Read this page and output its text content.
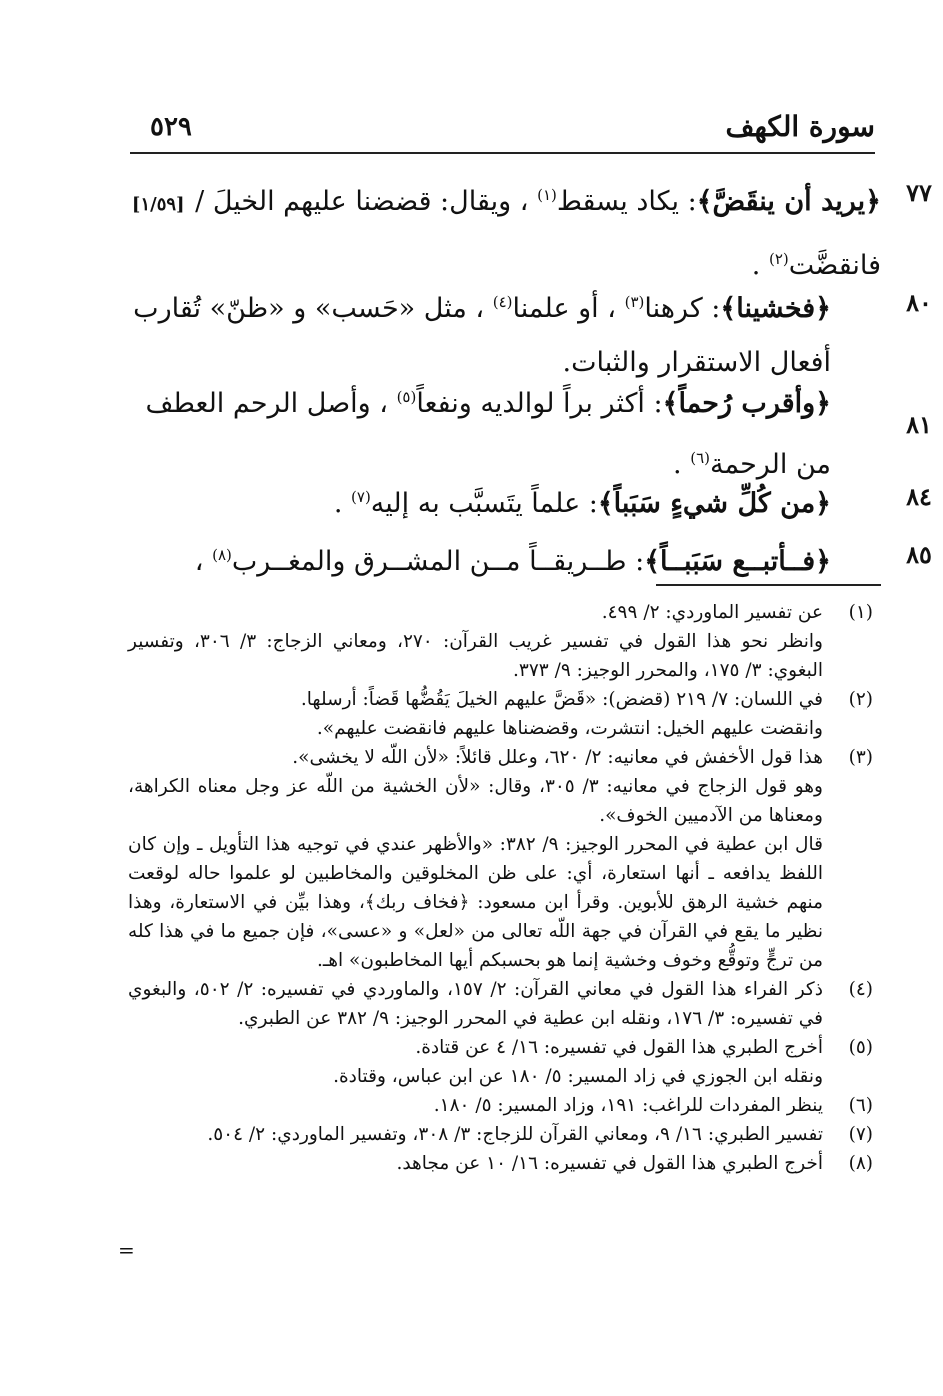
سورة الكهف
٥٢٩
٧٧
﴿يريد أن ينقَضَّ﴾: يكاد يسقط$^{(١)}$ ، ويقال: قضضنا عليهم الخيلَ / [١/٥٩]
فانقضَّت$^{(٢)}$ .
٨٠
﴿فخشينا﴾: كرهنا$^{(٣)}$ ، أو علمنا$^{(٤)}$ ، مثل «حَسب» و «ظنّ» تُقارب
أفعال الاستقرار والثبات.
٨١
﴿وأقرب رُحماً﴾: أكثر براً لوالديه ونفعاً$^{(٥)}$ ، وأصل الرحم العطف
من الرحمة$^{(٦)}$ .
٨٤
﴿من كُلِّ شيءٍ سَبَباً﴾: علماً يتَسبَّب به إليه$^{(٧)}$ .
٨٥
﴿فــأتبــع سَبَبــاً﴾: طــريقــاً مــن المشــرق والمغــرب$^{(٨)}$ ،
(١)

عن تفسير الماوردي: ٢/ ٤٩٩.

وانظر نحو هذا القول في تفسير غريب القرآن: ٢٧٠، ومعاني الزجاج: ٣/ ٣٠٦، وتفسير البغوي: ٣/ ١٧٥، والمحرر الوجيز: ٩/ ٣٧٣.

(٢)

في اللسان: ٧/ ٢١٩ (قضض): «قَضَّ عليهم الخيلَ يَقُضُّها قَضاً: أرسلها.

وانقضت عليهم الخيل: انتشرت، وقضضناها عليهم فانقضت عليهم».

(٣)

هذا قول الأخفش في معانيه: ٢/ ٦٢٠، وعلل قائلاً: «لأن اللّه لا يخشى».

وهو قول الزجاج في معانيه: ٣/ ٣٠٥، وقال: «لأن الخشية من اللّه عز وجل معناه الكراهة، ومعناها من الآدميين الخوف».

قال ابن عطية في المحرر الوجيز: ٩/ ٣٨٢: «والأظهر عندي في توجيه هذا التأويل ـ وإن كان اللفظ يدافعه ـ أنها استعارة، أي: على ظن المخلوقين والمخاطبين لو علموا حاله لوقعت منهم خشية الرهق للأبوين. وقرأ ابن مسعود: ﴿فخاف ربك﴾، وهذا بيِّن في الاستعارة، وهذا نظير ما يقع في القرآن في جهة اللّه تعالى من «لعل» و «عسى»، فإن جميع ما في هذا كله من ترجٍّ وتوقُّع وخوف وخشية إنما هو بحسبكم أيها المخاطبون» اهـ.

(٤)

ذكر الفراء هذا القول في معاني القرآن: ٢/ ١٥٧، والماوردي في تفسيره: ٢/ ٥٠٢، والبغوي في تفسيره: ٣/ ١٧٦، ونقله ابن عطية في المحرر الوجيز: ٩/ ٣٨٢ عن الطبري.

(٥)

أخرج الطبري هذا القول في تفسيره: ١٦/ ٤ عن قتادة.

ونقله ابن الجوزي في زاد المسير: ٥/ ١٨٠ عن ابن عباس، وقتادة.

(٦)

ينظر المفردات للراغب: ١٩١، وزاد المسير: ٥/ ١٨٠.

(٧)

تفسير الطبري: ١٦/ ٩، ومعاني القرآن للزجاج: ٣/ ٣٠٨، وتفسير الماوردي: ٢/ ٥٠٤.

(٨)

أخرج الطبري هذا القول في تفسيره: ١٦/ ١٠ عن مجاهد.

=
